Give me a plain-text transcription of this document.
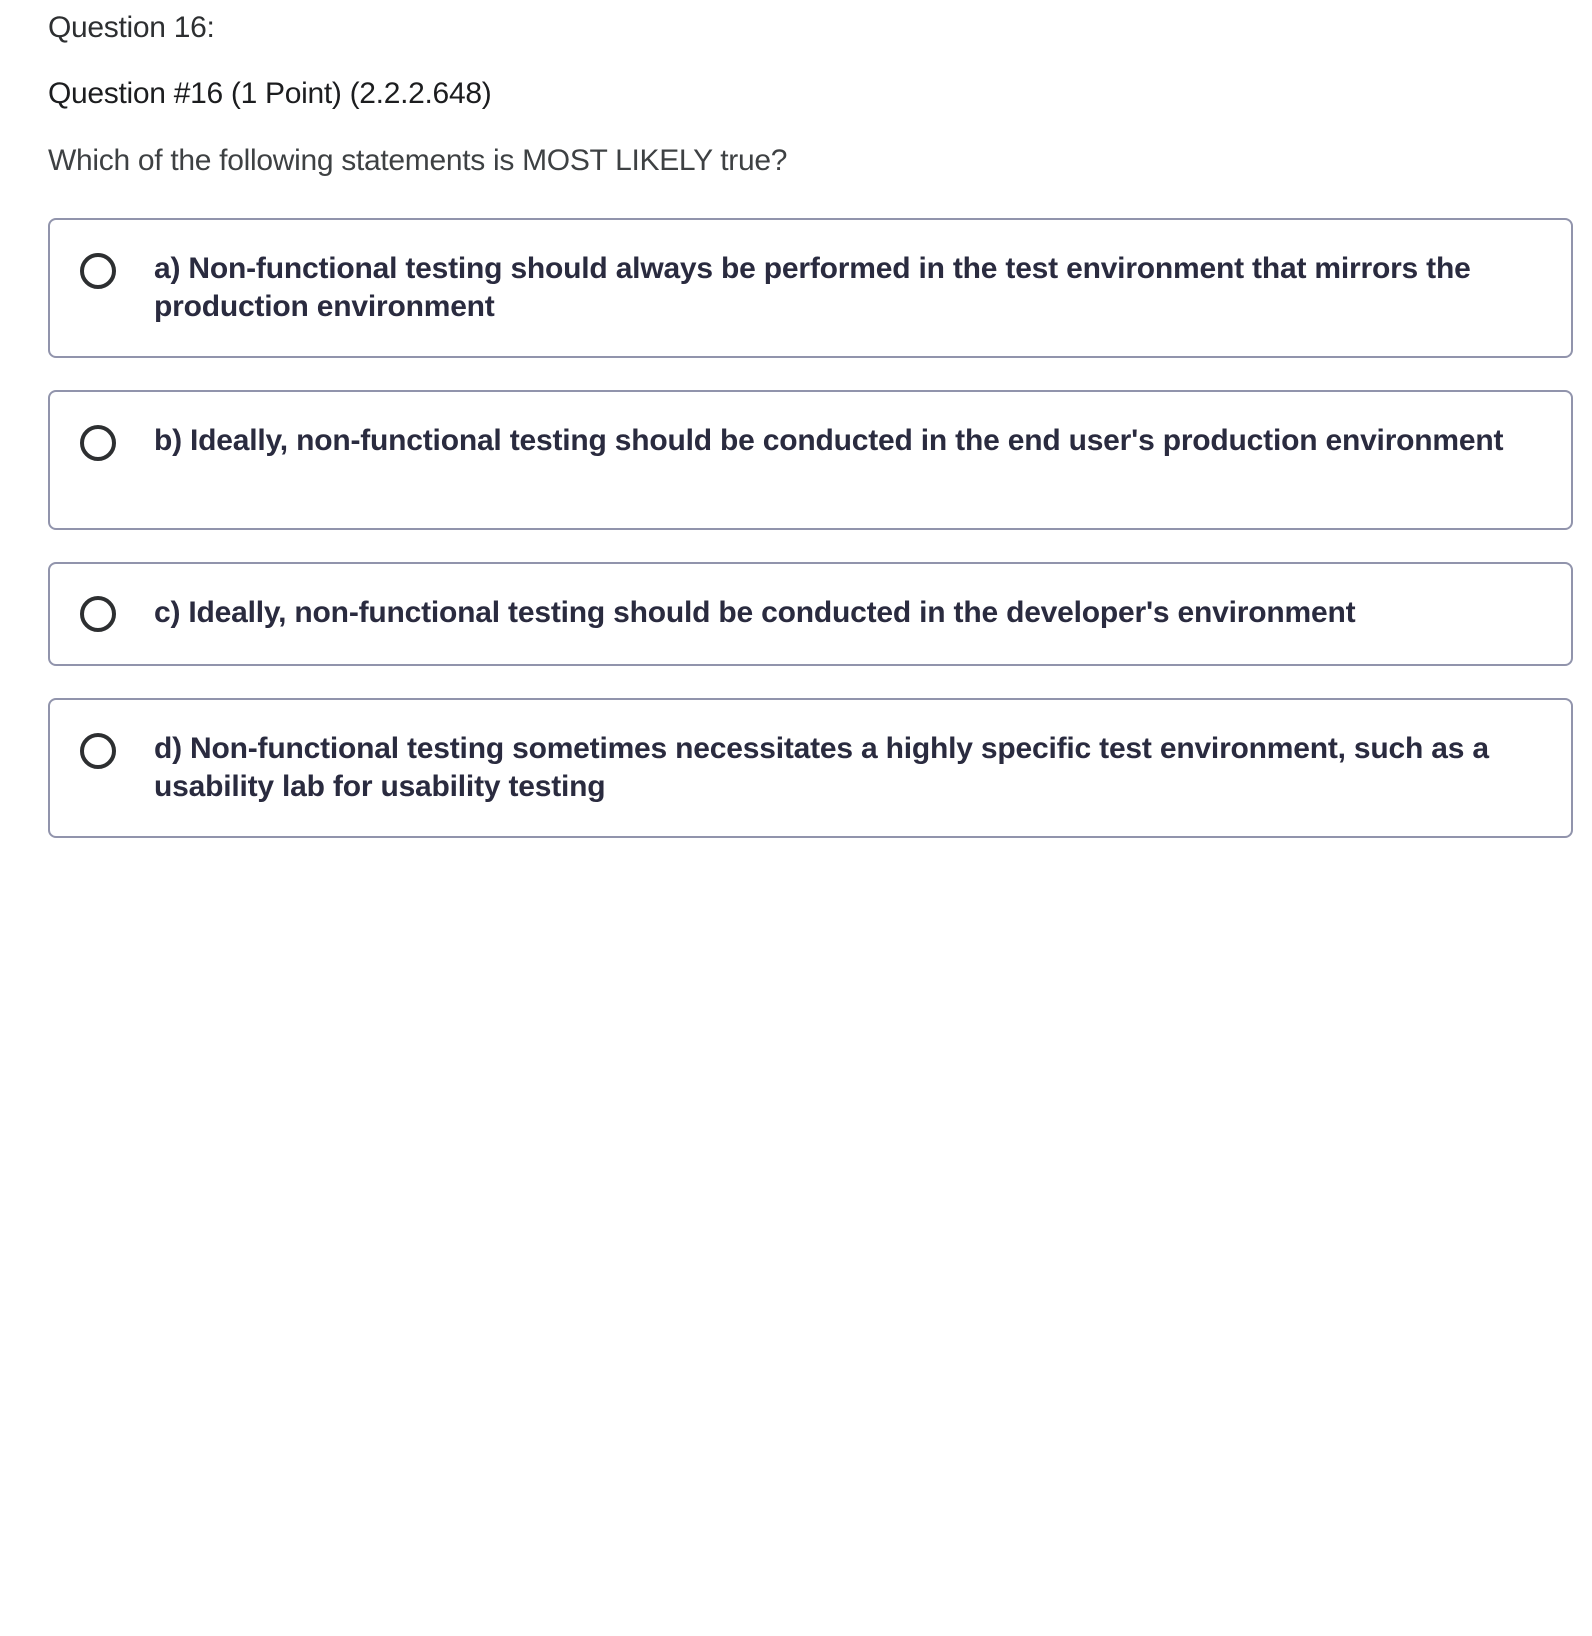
Question 16:
Question #16 (1 Point) (2.2.2.648)
Which of the following statements is MOST LIKELY true?
a) Non-functional testing should always be performed in the test environment that mirrors the production environment
b) Ideally, non-functional testing should be conducted in the end user's production environment
c) Ideally, non-functional testing should be conducted in the developer's environment
d) Non-functional testing sometimes necessitates a highly specific test environment, such as a usability lab for usability testing
